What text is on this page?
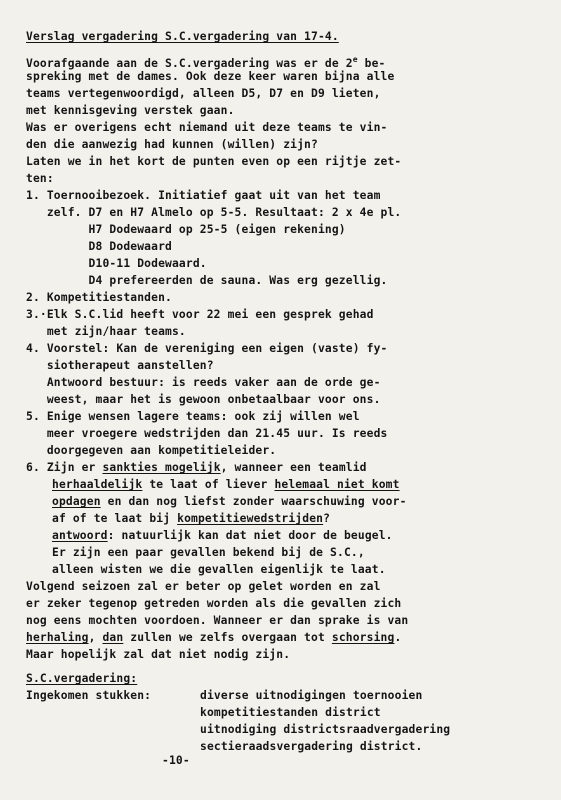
Verslag vergadering S.C.vergadering van 17-4.
Voorafgaande aan de S.C.vergadering was er de 2e be-
spreking met de dames. Ook deze keer waren bijna alle
teams vertegenwoordigd, alleen D5, D7 en D9 lieten,
met kennisgeving verstek gaan.
Was er overigens echt niemand uit deze teams te vin-
den die aanwezig had kunnen (willen) zijn?
Laten we in het kort de punten even op een rijtje zet-
ten:
1. Toernooibezoek. Initiatief gaat uit van het team
zelf. D7 en H7 Almelo op 5-5. Resultaat: 2 x 4e pl.
H7 Dodewaard op 25-5 (eigen rekening)
D8 Dodewaard
D10-11 Dodewaard.
D4 prefereerden de sauna. Was erg gezellig.
2. Kompetitiestanden.
3.·Elk S.C.lid heeft voor 22 mei een gesprek gehad
met zijn/haar teams.
4. Voorstel: Kan de vereniging een eigen (vaste) fy-
siotherapeut aanstellen?
Antwoord bestuur: is reeds vaker aan de orde ge-
weest, maar het is gewoon onbetaalbaar voor ons.
5. Enige wensen lagere teams: ook zij willen wel
meer vroegere wedstrijden dan 21.45 uur. Is reeds
doorgegeven aan kompetitieleider.
6. Zijn er sankties mogelijk, wanneer een teamlid
herhaaldelijk te laat of liever helemaal niet komt
opdagen en dan nog liefst zonder waarschuwing voor-
af of te laat bij kompetitiewedstrijden?
antwoord: natuurlijk kan dat niet door de beugel.
Er zijn een paar gevallen bekend bij de S.C.,
alleen wisten we die gevallen eigenlijk te laat.
Volgend seizoen zal er beter op gelet worden en zal
er zeker tegenop getreden worden als die gevallen zich
nog eens mochten voordoen. Wanneer er dan sprake is van
herhaling, dan zullen we zelfs overgaan tot schorsing.
Maar hopelijk zal dat niet nodig zijn.
S.C.vergadering:
Ingekomen stukken:	diverse uitnodigingen toernooien
kompetitiestanden district
uitnodiging districtsraadvergadering
sectieraadsvergadering district.
-10-
